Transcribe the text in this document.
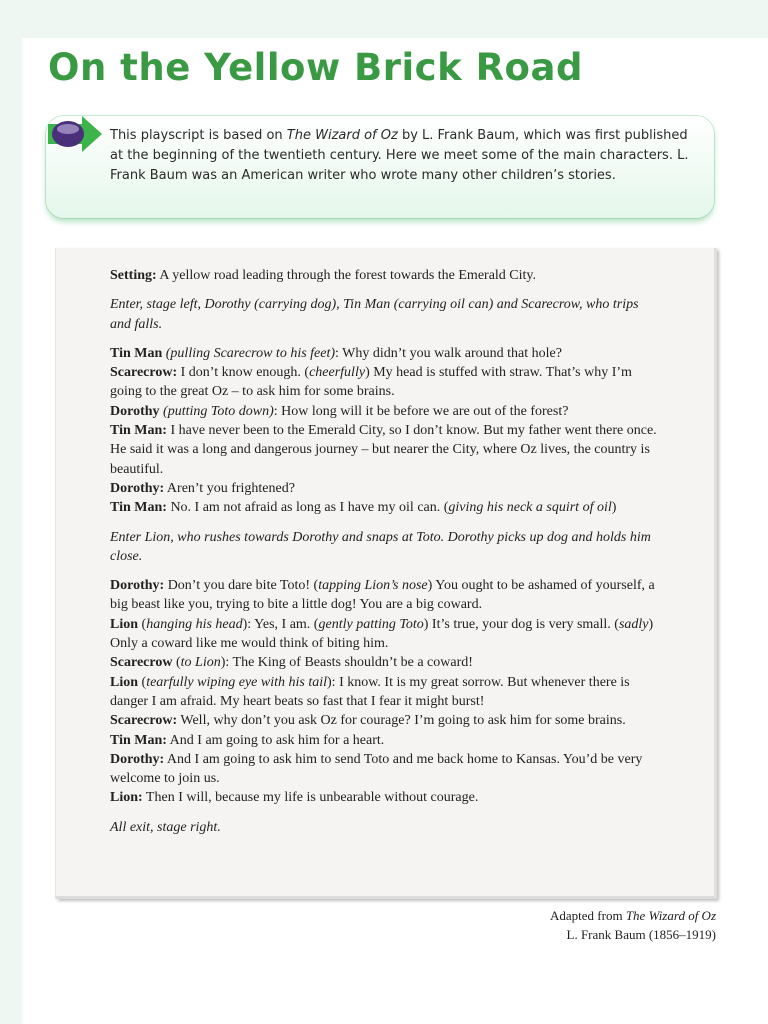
On the Yellow Brick Road

This playscript is based on The Wizard of Oz by L. Frank Baum, which was first published at the beginning of the twentieth century. Here we meet some of the main characters. L. Frank Baum was an American writer who wrote many other children’s stories.

Setting: A yellow road leading through the forest towards the Emerald City.

Enter, stage left, Dorothy (carrying dog), Tin Man (carrying oil can) and Scarecrow, who trips and falls.

Tin Man (pulling Scarecrow to his feet): Why didn’t you walk around that hole?

Scarecrow: I don’t know enough. (cheerfully) My head is stuffed with straw. That’s why I’m going to the great Oz – to ask him for some brains.

Dorothy (putting Toto down): How long will it be before we are out of the forest?

Tin Man: I have never been to the Emerald City, so I don’t know. But my father went there once. He said it was a long and dangerous journey – but nearer the City, where Oz lives, the country is beautiful.

Dorothy: Aren’t you frightened?

Tin Man: No. I am not afraid as long as I have my oil can. (giving his neck a squirt of oil)

Enter Lion, who rushes towards Dorothy and snaps at Toto. Dorothy picks up dog and holds him close.

Dorothy: Don’t you dare bite Toto! (tapping Lion’s nose) You ought to be ashamed of yourself, a big beast like you, trying to bite a little dog! You are a big coward.

Lion (hanging his head): Yes, I am. (gently patting Toto) It’s true, your dog is very small. (sadly) Only a coward like me would think of biting him.

Scarecrow (to Lion): The King of Beasts shouldn’t be a coward!

Lion (tearfully wiping eye with his tail): I know. It is my great sorrow. But whenever there is danger I am afraid. My heart beats so fast that I fear it might burst!

Scarecrow: Well, why don’t you ask Oz for courage? I’m going to ask him for some brains.

Tin Man: And I am going to ask him for a heart.

Dorothy: And I am going to ask him to send Toto and me back home to Kansas. You’d be very welcome to join us.

Lion: Then I will, because my life is unbearable without courage.

All exit, stage right.

Adapted from The Wizard of Oz
L. Frank Baum (1856–1919)
